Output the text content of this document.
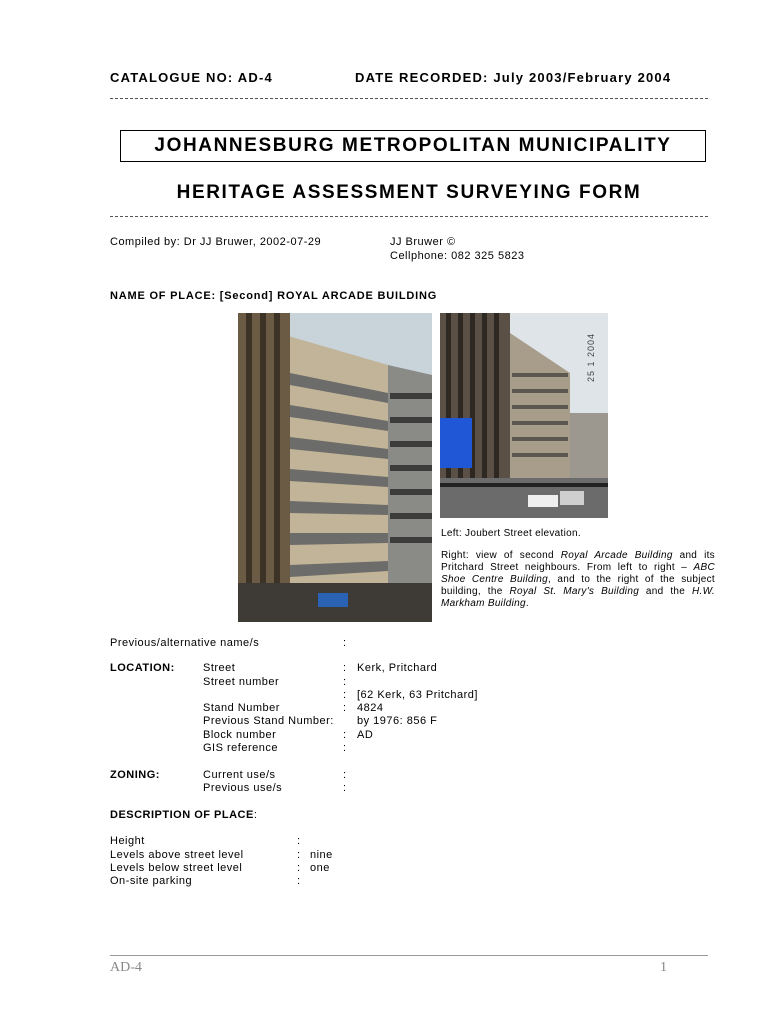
CATALOGUE NO: AD-4	DATE RECORDED: July 2003/February 2004
JOHANNESBURG METROPOLITAN MUNICIPALITY
HERITAGE ASSESSMENT SURVEYING FORM
Compiled by: Dr JJ Bruwer, 2002-07-29	JJ Bruwer ©
Cellphone: 082 325 5823
NAME OF PLACE: [Second] ROYAL ARCADE BUILDING
25 1 2004
Left: Joubert Street elevation.
Right: view of second Royal Arcade Building and its Pritchard Street neighbours. From left to right – ABC Shoe Centre Building, and to the right of the subject building, the Royal St. Mary's Building and the H.W. Markham Building.
Previous/alternative name/s	:
LOCATION:	Street	: Kerk, Pritchard
Street number	:
: [62 Kerk, 63 Pritchard]
Stand Number	: 4824
Previous Stand Number: by 1976: 856 F
Block number	: AD
GIS reference	:
ZONING:	Current use/s	:
Previous use/s	:
DESCRIPTION OF PLACE:
Height	:
Levels above street level	: nine
Levels below street level	: one
On-site parking	:
AD-4	1
